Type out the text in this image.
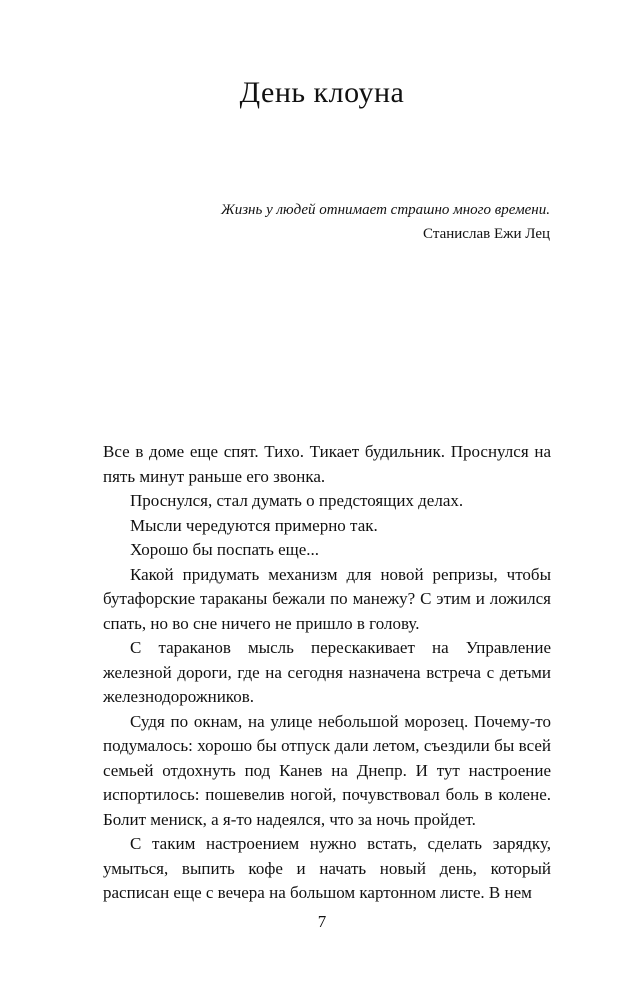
День клоуна
Жизнь у людей отнимает страшно много времени.
Станислав Ежи Лец

Все в доме еще спят. Тихо. Тикает будильник. Проснулся на пять минут раньше его звонка.

Проснулся, стал думать о предстоящих делах.

Мысли чередуются примерно так.

Хорошо бы поспать еще...

Какой придумать механизм для новой репризы, чтобы бутафорские тараканы бежали по манежу? С этим и ложился спать, но во сне ничего не пришло в голову.

С тараканов мысль перескакивает на Управление железной дороги, где на сегодня назначена встреча с детьми железнодорожников.

Судя по окнам, на улице небольшой морозец. Почему-то подумалось: хорошо бы отпуск дали летом, съездили бы всей семьей отдохнуть под Канев на Днепр. И тут настроение испортилось: пошевелив ногой, почувствовал боль в колене. Болит мениск, а я-то надеялся, что за ночь пройдет.

С таким настроением нужно встать, сделать зарядку, умыться, выпить кофе и начать новый день, который расписан еще с вечера на большом картонном листе. В нем

7
